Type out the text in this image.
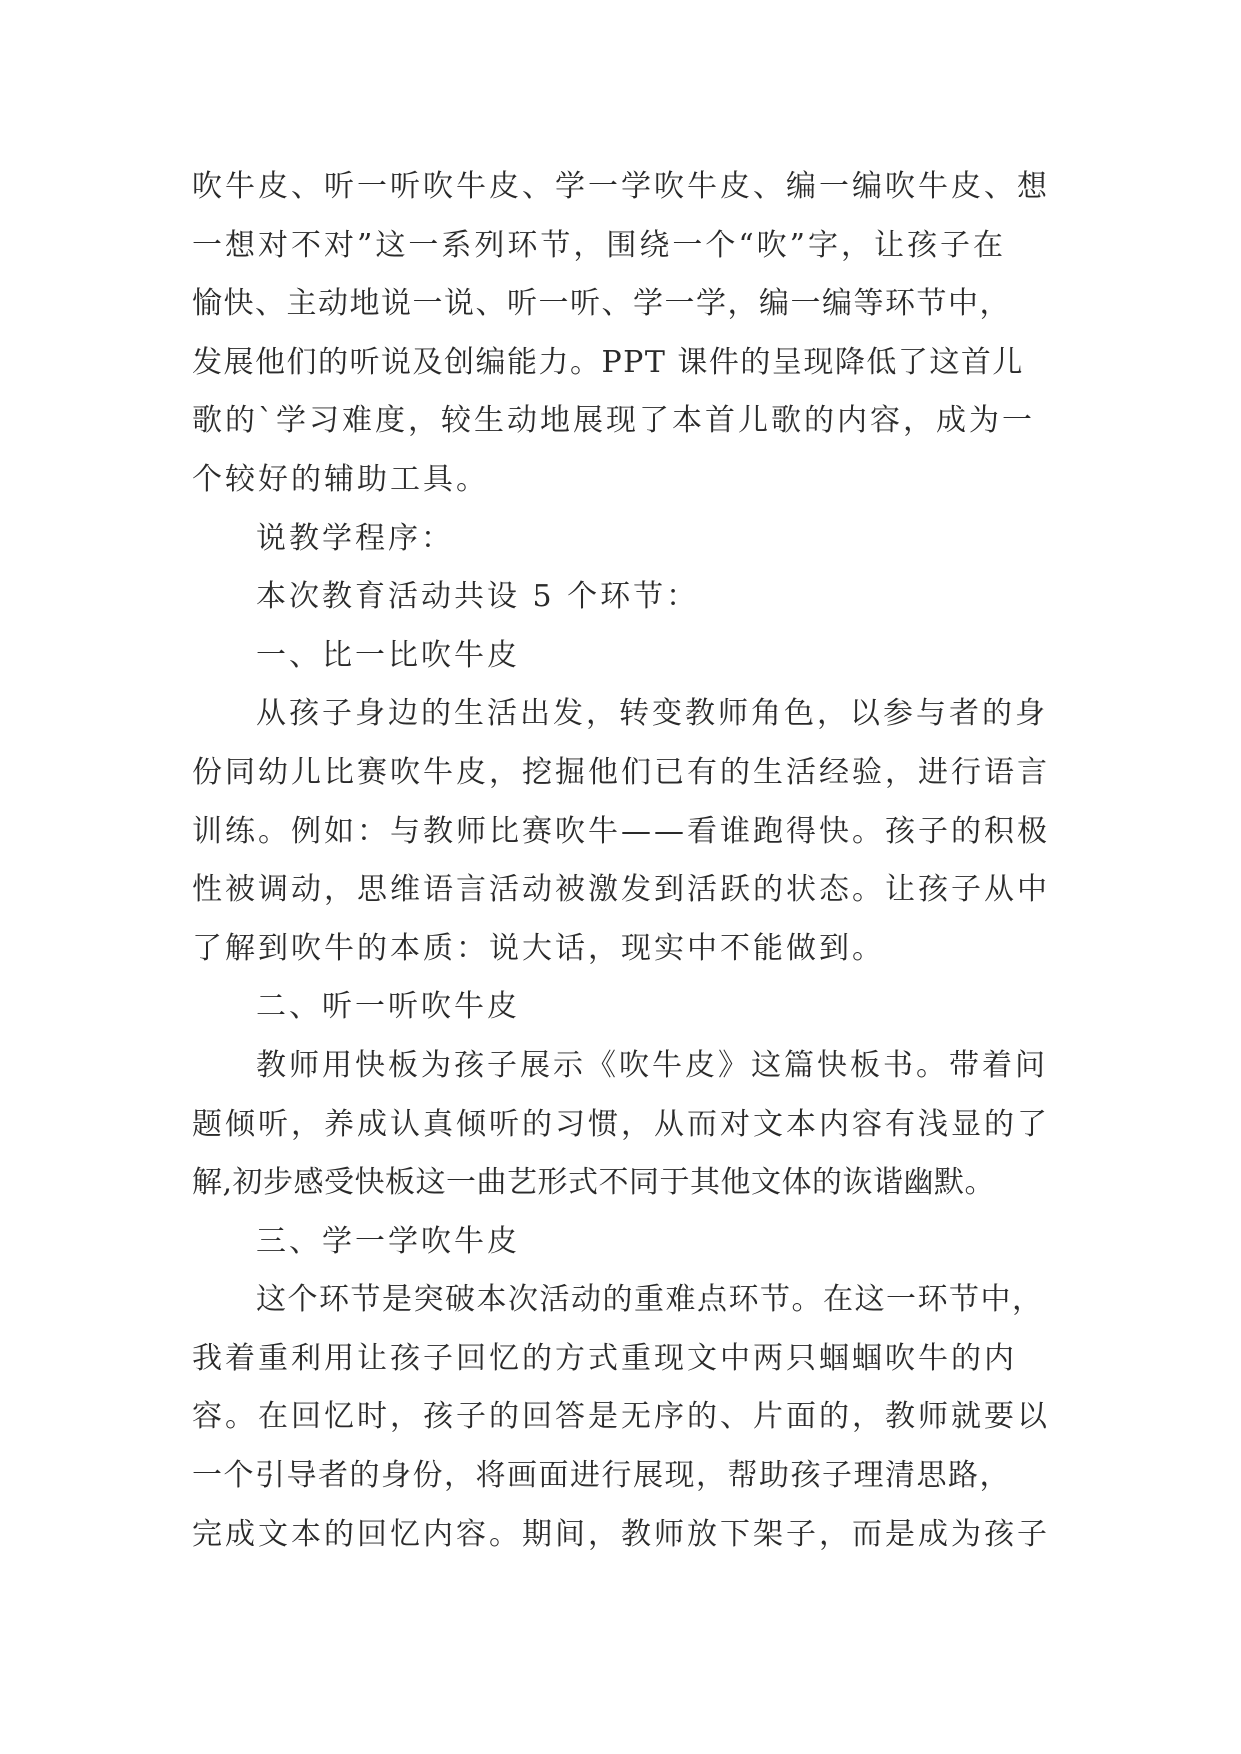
吹牛皮、听一听吹牛皮、学一学吹牛皮、编一编吹牛皮、想
一想对不对”这一系列环节，围绕一个“吹”字，让孩子在
愉快、主动地说一说、听一听、学一学，编一编等环节中，
发展他们的听说及创编能力。PPT 课件的呈现降低了这首儿
歌的`学习难度，较生动地展现了本首儿歌的内容，成为一
个较好的辅助工具。
说教学程序：
本次教育活动共设 5 个环节：
一、比一比吹牛皮
从孩子身边的生活出发，转变教师角色，以参与者的身
份同幼儿比赛吹牛皮，挖掘他们已有的生活经验，进行语言
训练。例如：与教师比赛吹牛——看谁跑得快。孩子的积极
性被调动，思维语言活动被激发到活跃的状态。让孩子从中
了解到吹牛的本质：说大话，现实中不能做到。
二、听一听吹牛皮
教师用快板为孩子展示《吹牛皮》这篇快板书。带着问
题倾听，养成认真倾听的习惯，从而对文本内容有浅显的了
解,初步感受快板这一曲艺形式不同于其他文体的诙谐幽默。
三、学一学吹牛皮
这个环节是突破本次活动的重难点环节。在这一环节中，
我着重利用让孩子回忆的方式重现文中两只蝈蝈吹牛的内
容。在回忆时，孩子的回答是无序的、片面的，教师就要以
一个引导者的身份，将画面进行展现，帮助孩子理清思路，
完成文本的回忆内容。期间，教师放下架子，而是成为孩子
